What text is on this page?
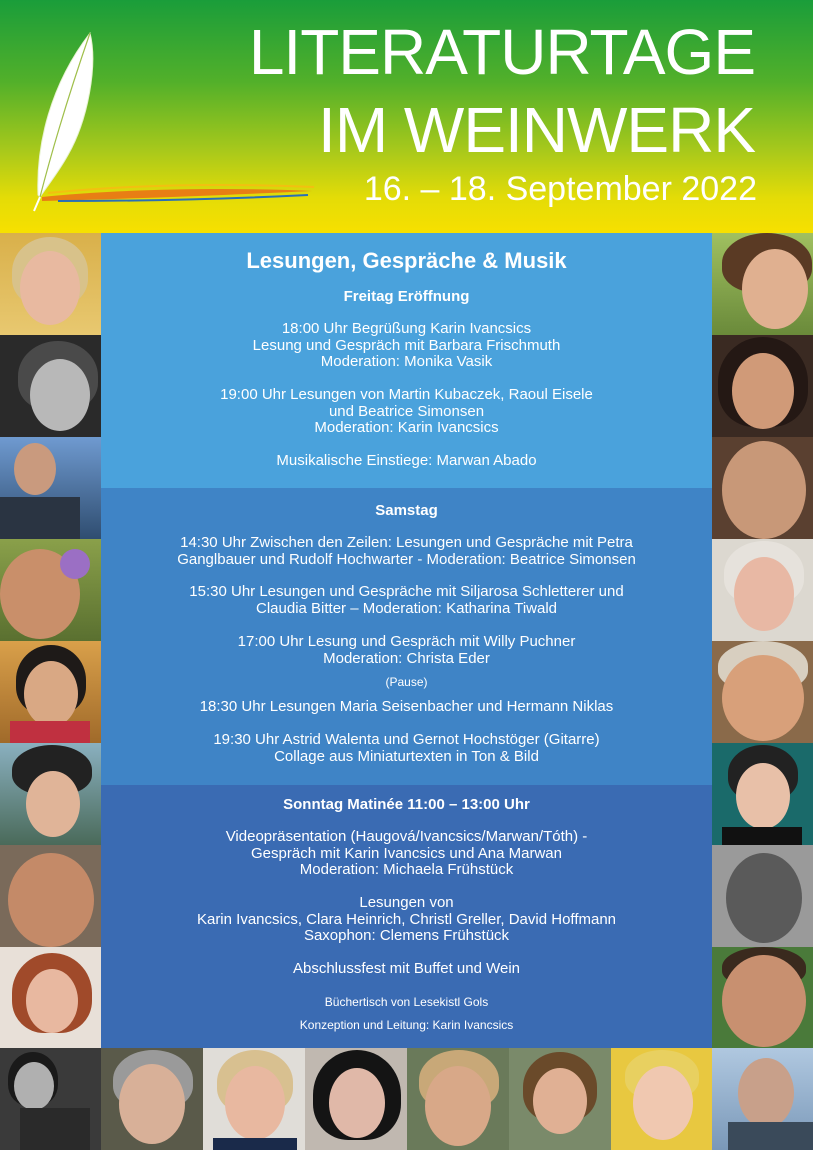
LITERATURTAGE
IM WEINWERK
16. – 18. September 2022
Lesungen, Gespräche & Musik
Freitag Eröffnung
18:00 Uhr Begrüßung Karin Ivancsics
Lesung und Gespräch mit Barbara Frischmuth
Moderation: Monika Vasik
19:00 Uhr Lesungen von Martin Kubaczek, Raoul Eisele
und Beatrice Simonsen
Moderation: Karin Ivancsics
Musikalische Einstiege: Marwan Abado
Samstag
14:30 Uhr Zwischen den Zeilen: Lesungen und Gespräche mit Petra
Ganglbauer und Rudolf Hochwarter - Moderation: Beatrice Simonsen
15:30 Uhr Lesungen und Gespräche mit Siljarosa Schletterer und
Claudia Bitter – Moderation: Katharina Tiwald
17:00 Uhr Lesung und Gespräch mit Willy Puchner
Moderation: Christa Eder
(Pause)
18:30 Uhr Lesungen Maria Seisenbacher und Hermann Niklas
19:30 Uhr Astrid Walenta und Gernot Hochstöger (Gitarre)
Collage aus Miniaturtexten in Ton & Bild
Sonntag Matinée 11:00 – 13:00 Uhr
Videopräsentation (Haugová/Ivancsics/Marwan/Tóth) -
Gespräch mit Karin Ivancsics und Ana Marwan
Moderation: Michaela Frühstück
Lesungen von
Karin Ivancsics, Clara Heinrich, Christl Greller, David Hoffmann
Saxophon: Clemens Frühstück
Abschlussfest mit Buffet und Wein
Büchertisch von Lesekistl Gols
Konzeption und Leitung: Karin Ivancsics
